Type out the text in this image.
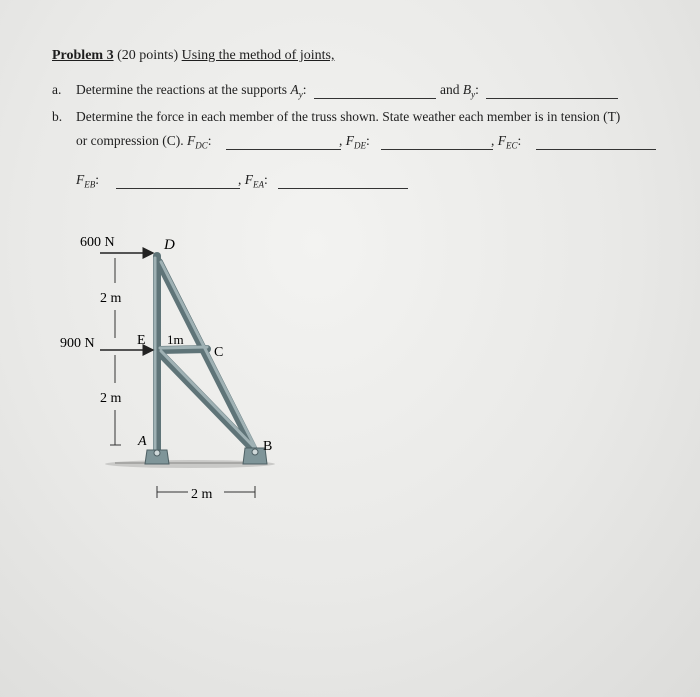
Problem 3 (20 points) Using the method of joints,
a. Determine the reactions at the supports $A_y$:	and $B_y$:
b. Determine the force in each member of the truss shown. State weather each member is in tension (T)
or compression (C). $F_{DC}$:	, $F_{DE}$:	, $F_{EC}$:
$F_{EB}$:	, $F_{EA}$:
600 N
900 N
2 m
2 m
2 m
1m
D
E
C
A	B
